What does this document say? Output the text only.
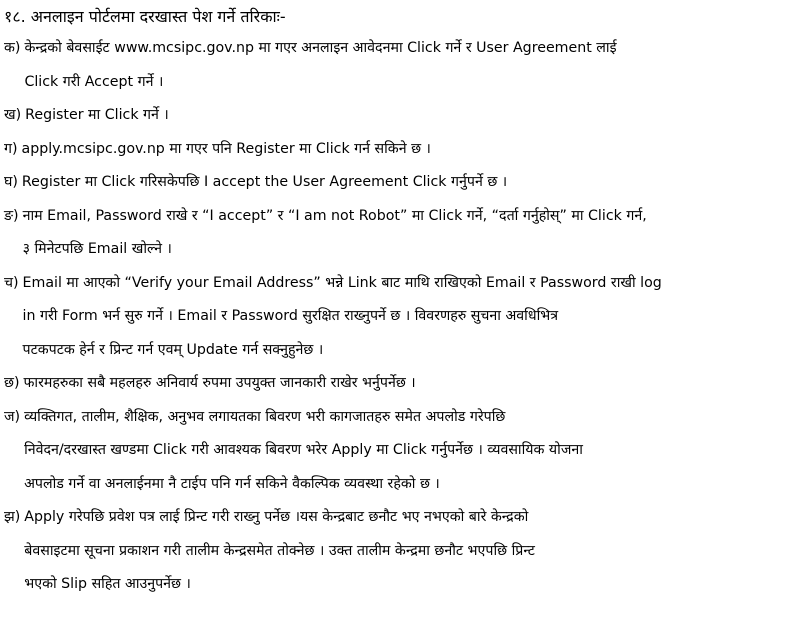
१८. अनलाइन पोर्टलमा दरखास्त पेश गर्ने तरिकाः-
क) केन्द्रको बेवसाईट www.mcsipc.gov.np मा गएर अनलाइन आवेदनमा Click गर्ने र User Agreement लाई
Click गरी Accept गर्ने ।
ख) Register मा Click गर्ने ।
ग) apply.mcsipc.gov.np मा गएर पनि Register मा Click गर्न सकिने छ ।
घ) Register मा Click गरिसकेपछि I accept the User Agreement Click गर्नुपर्ने छ ।
ङ) नाम Email, Password राखे र “I accept” र “I am not Robot” मा Click गर्ने, “दर्ता गर्नुहोस्” मा Click गर्न,
३ मिनेटपछि Email खोल्ने ।
च) Email मा आएको “Verify your Email Address” भन्ने Link बाट माथि राखिएको Email र Password राखी log
in गरी Form भर्न सुरु गर्ने । Email र Password सुरक्षित राख्नुपर्ने छ । विवरणहरु सुचना अवधिभित्र
पटकपटक हेर्न र प्रिन्ट गर्न एवम् Update गर्न सक्नुहुनेछ ।
छ) फारमहरुका सबै महलहरु अनिवार्य रुपमा उपयुक्त जानकारी राखेर भर्नुपर्नेछ ।
ज) व्यक्तिगत, तालीम, शैक्षिक, अनुभव लगायतका बिवरण भरी कागजातहरु समेत अपलोड गरेपछि
निवेदन/दरखास्त खण्डमा Click गरी आवश्यक बिवरण भरेर Apply मा Click गर्नुपर्नेछ । व्यवसायिक योजना
अपलोड गर्ने वा अनलाईनमा नै टाईप पनि गर्न सकिने वैकल्पिक व्यवस्था रहेको छ ।
झ) Apply गरेपछि प्रवेश पत्र लाई प्रिन्ट गरी राख्नु पर्नेछ ।यस केन्द्रबाट छनौट भए नभएको बारे केन्द्रको
बेवसाइटमा सूचना प्रकाशन गरी तालीम केन्द्रसमेत तोक्नेछ । उक्त तालीम केन्द्रमा छनौट भएपछि प्रिन्ट
भएको Slip सहित आउनुपर्नेछ ।
